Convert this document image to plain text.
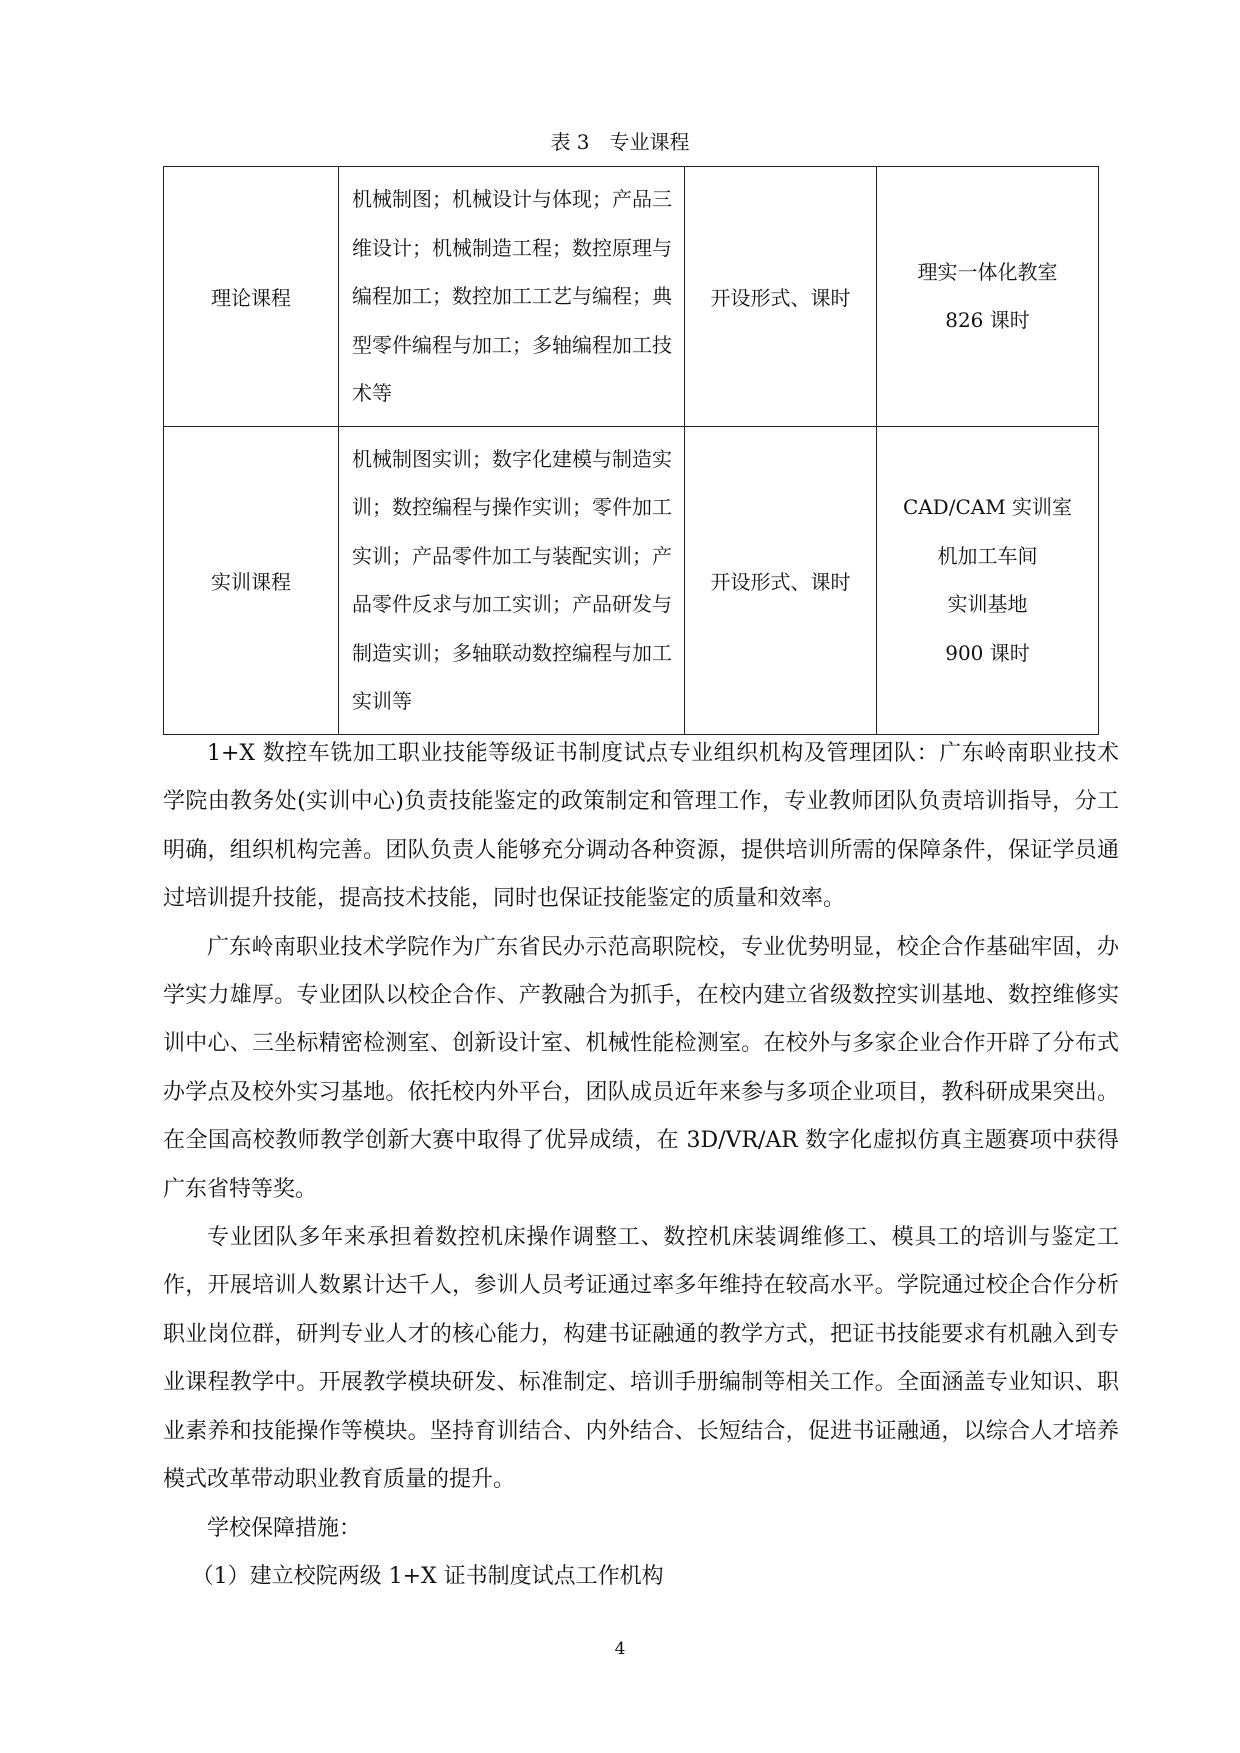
表 3 专业课程
理论课程	机械制图；机械设计与体现；产品三维设计；机械制造工程；数控原理与编程加工；数控加工工艺与编程；典型零件编程与加工；多轴编程加工技术等	开设形式、课时	理实一体化教室
826 课时

实训课程	机械制图实训；数字化建模与制造实训；数控编程与操作实训；零件加工实训；产品零件加工与装配实训；产品零件反求与加工实训；产品研发与制造实训；多轴联动数控编程与加工实训等	开设形式、课时	CAD/CAM 实训室
机加工车间
实训基地
900 课时

1+X 数控车铣加工职业技能等级证书制度试点专业组织机构及管理团队：广东岭南职业技术学院由教务处(实训中心)负责技能鉴定的政策制定和管理工作，专业教师团队负责培训指导，分工明确，组织机构完善。团队负责人能够充分调动各种资源，提供培训所需的保障条件，保证学员通过培训提升技能，提高技术技能，同时也保证技能鉴定的质量和效率。

广东岭南职业技术学院作为广东省民办示范高职院校，专业优势明显，校企合作基础牢固，办学实力雄厚。专业团队以校企合作、产教融合为抓手，在校内建立省级数控实训基地、数控维修实训中心、三坐标精密检测室、创新设计室、机械性能检测室。在校外与多家企业合作开辟了分布式办学点及校外实习基地。依托校内外平台，团队成员近年来参与多项企业项目，教科研成果突出。在全国高校教师教学创新大赛中取得了优异成绩，在 3D/VR/AR 数字化虚拟仿真主题赛项中获得广东省特等奖。

专业团队多年来承担着数控机床操作调整工、数控机床装调维修工、模具工的培训与鉴定工作，开展培训人数累计达千人，参训人员考证通过率多年维持在较高水平。学院通过校企合作分析职业岗位群，研判专业人才的核心能力，构建书证融通的教学方式，把证书技能要求有机融入到专业课程教学中。开展教学模块研发、标准制定、培训手册编制等相关工作。全面涵盖专业知识、职业素养和技能操作等模块。坚持育训结合、内外结合、长短结合，促进书证融通，以综合人才培养模式改革带动职业教育质量的提升。

学校保障措施：

（1）建立校院两级 1+X 证书制度试点工作机构

4
